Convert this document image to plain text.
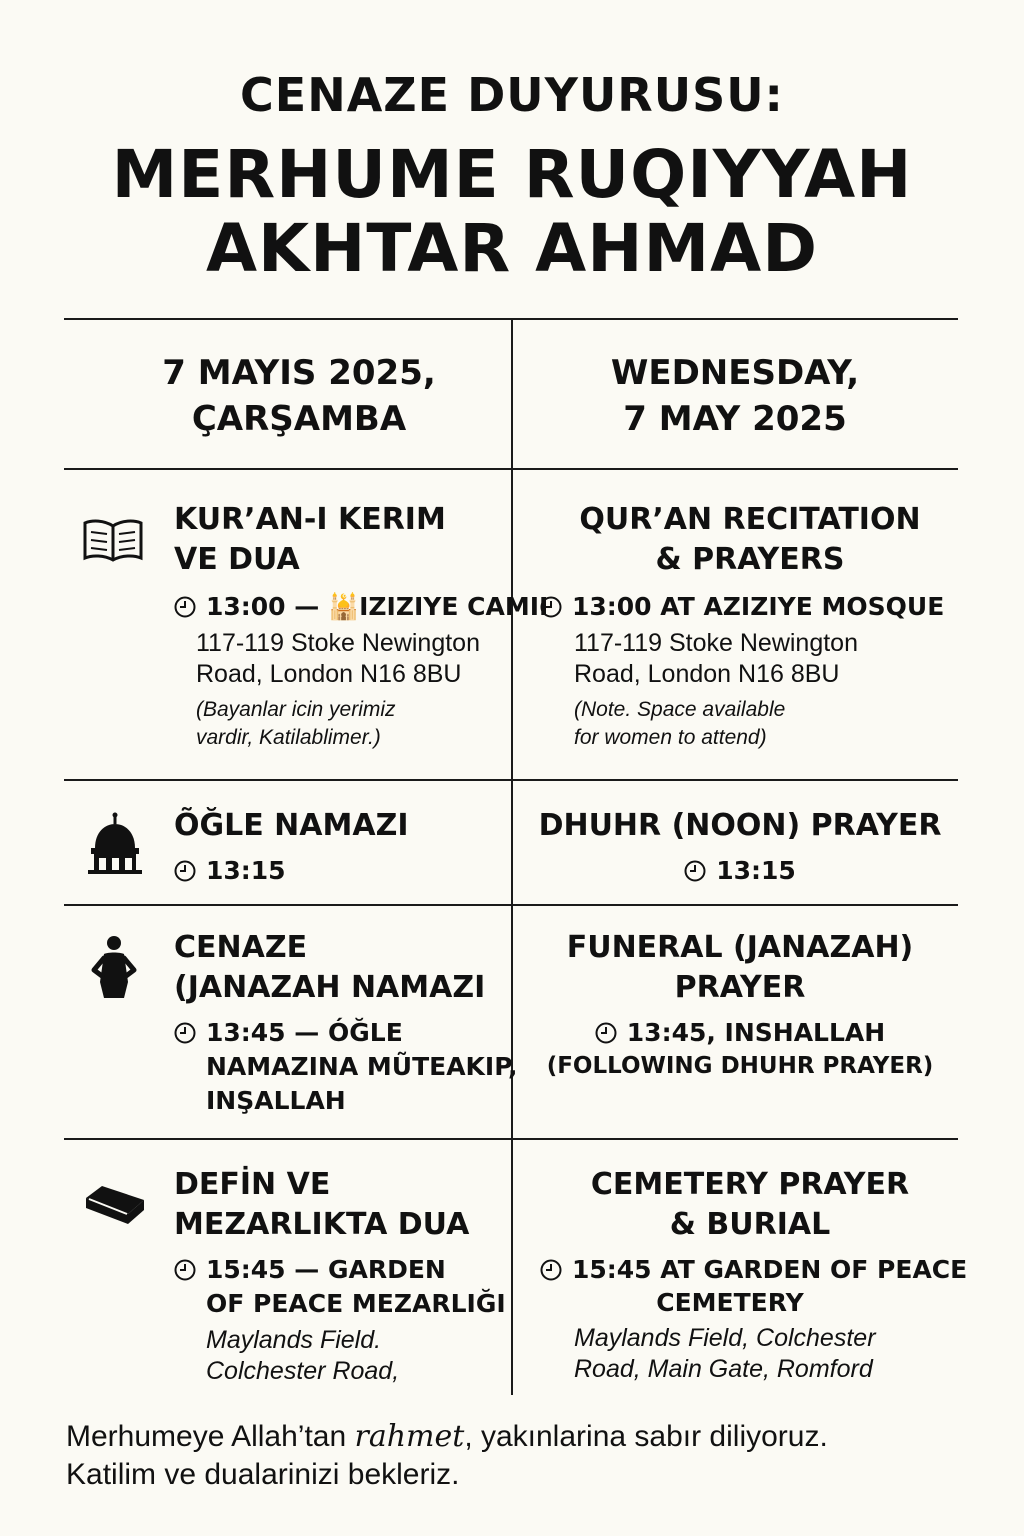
CENAZE DUYURUSU:
MERHUME RUQIYYAH
AKHTAR AHMAD
7 MAYIS 2025,
ÇARŞAMBA
WEDNESDAY,
7 MAY 2025
KUR’AN-I KERIM
VE DUA
13:00 — 🕌IZIZIYE CAMII
117-119 Stoke Newington
Road, London N16 8BU
(Bayanlar icin yerimiz
vardir, Katilablimer.)
QUR’AN RECITATION
& PRAYERS
13:00 AT AZIZIYE MOSQUE
117-119 Stoke Newington
Road, London N16 8BU
(Note. Space available
for women to attend)
ÕĞLE NAMAZI
13:15
DHUHR (NOON) PRAYER
13:15
CENAZE
(JANAZAH NAMAZI
13:45 — ÓĞLE
NAMAZINA MŨTEAKIP,
INŞALLAH
FUNERAL (JANAZAH)
PRAYER
13:45, INSHALLAH
(FOLLOWING DHUHR PRAYER)
DEFİN VE
MEZARLIKTA DUA
15:45 — GARDEN
OF PEACE MEZARLIĞI
Maylands Field.
Colchester Road,
CEMETERY PRAYER
& BURIAL
15:45 AT GARDEN OF PEACE
CEMETERY
Maylands Field, Colchester
Road, Main Gate, Romford
Merhumeye Allah’tan rahmet, yakınlarina sabır diliyoruz.
Katilim ve dualarinizi bekleriz.
